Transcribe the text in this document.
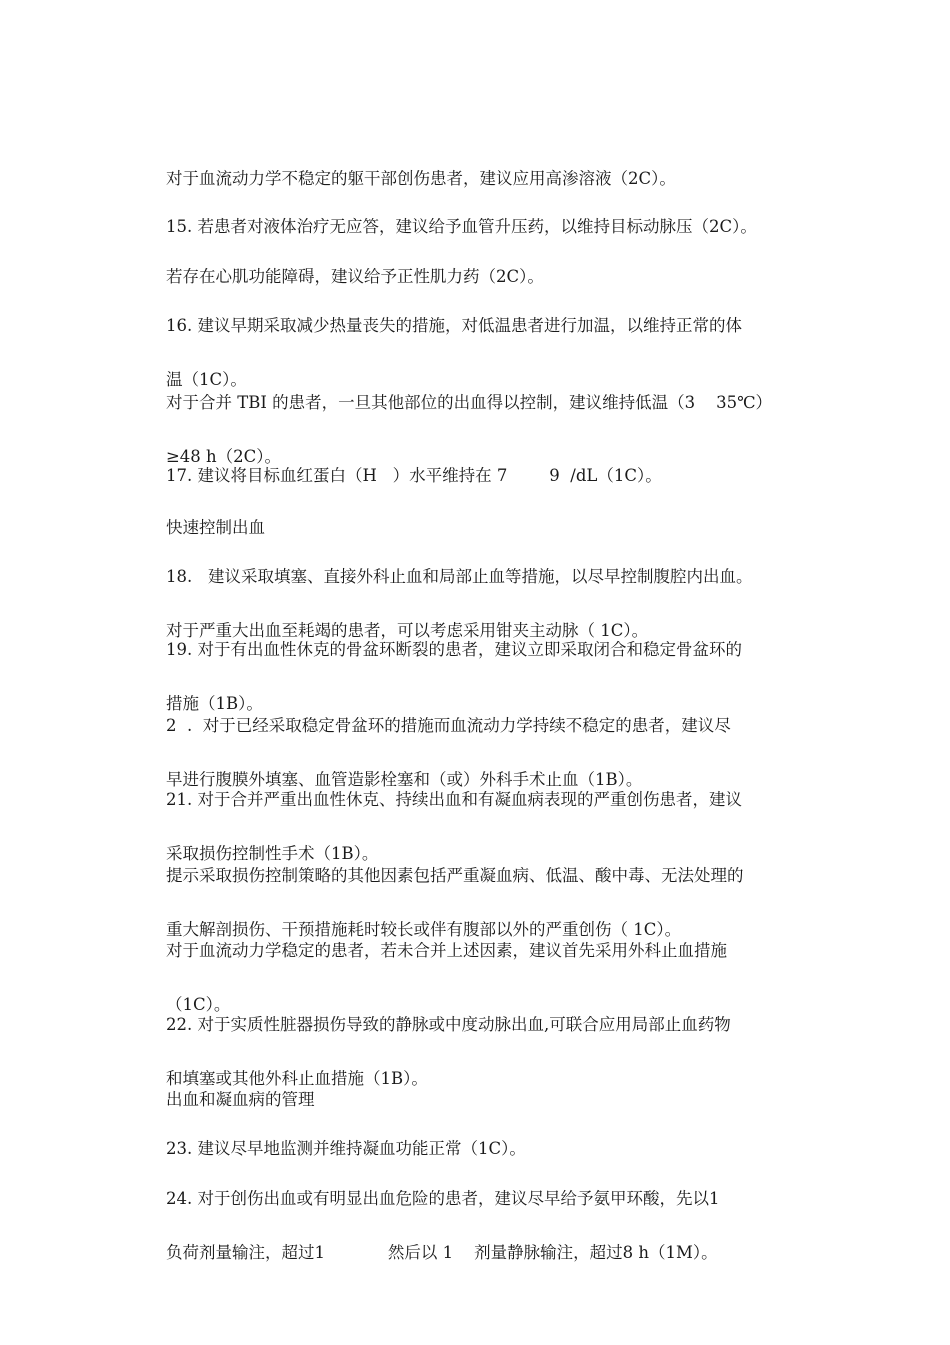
对于血流动力学不稳定的躯干部创伤患者，建议应用高渗溶液（2C）。

15. 若患者对液体治疗无应答，建议给予血管升压药，以维持目标动脉压（2C）。

若存在心肌功能障碍，建议给予正性肌力药（2C）。

16. 建议早期采取减少热量丧失的措施，对低温患者进行加温，以维持正常的体

温（1C）。

对于合并 TBI 的患者，一旦其他部位的出血得以控制，建议维持低温（3    35℃）

≥48 h（2C）。

17. 建议将目标血红蛋白（H   ）水平维持在 7        9  /dL（1C）。

快速控制出血

18.   建议采取填塞、直接外科止血和局部止血等措施，以尽早控制腹腔内出血。

对于严重大出血至耗竭的患者，可以考虑采用钳夹主动脉（ 1C）。

19. 对于有出血性休克的骨盆环断裂的患者，建议立即采取闭合和稳定骨盆环的

措施（1B）。

2  .  对于已经采取稳定骨盆环的措施而血流动力学持续不稳定的患者，建议尽

早进行腹膜外填塞、血管造影栓塞和（或）外科手术止血（1B）。

21. 对于合并严重出血性休克、持续出血和有凝血病表现的严重创伤患者，建议

采取损伤控制性手术（1B）。

提示采取损伤控制策略的其他因素包括严重凝血病、低温、酸中毒、无法处理的

重大解剖损伤、干预措施耗时较长或伴有腹部以外的严重创伤（ 1C）。

对于血流动力学稳定的患者，若未合并上述因素，建议首先采用外科止血措施

（1C）。

22. 对于实质性脏器损伤导致的静脉或中度动脉出血,可联合应用局部止血药物

和填塞或其他外科止血措施（1B）。

出血和凝血病的管理

23. 建议尽早地监测并维持凝血功能正常（1C）。

24. 对于创伤出血或有明显出血危险的患者，建议尽早给予氨甲环酸，先以1

负荷剂量输注，超过1            然后以 1    剂量静脉输注，超过8 h（1M）。
